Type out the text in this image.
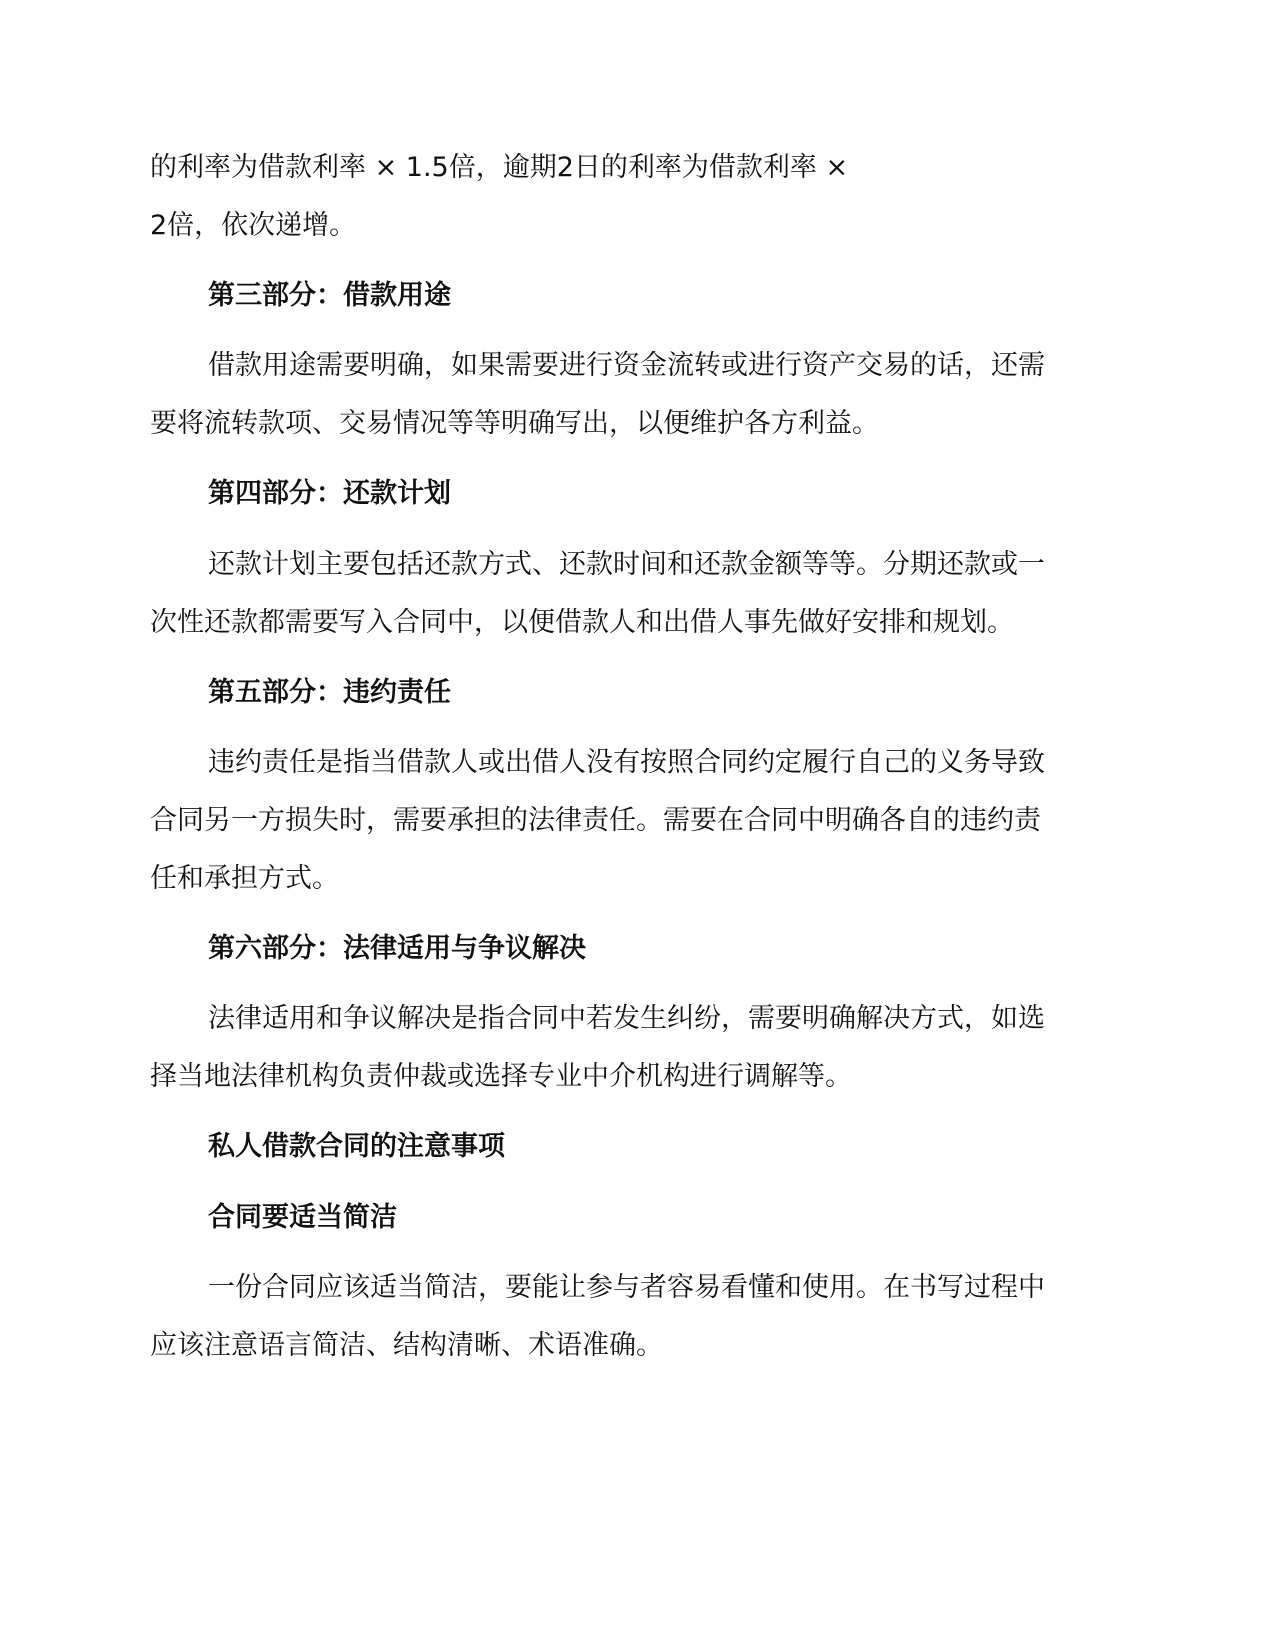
的利率为借款利率 × 1.5倍，逾期2日的利率为借款利率 ×
2倍，依次递增。
第三部分：借款用途
借款用途需要明确，如果需要进行资金流转或进行资产交易的话，还需
要将流转款项、交易情况等等明确写出，以便维护各方利益。
第四部分：还款计划
还款计划主要包括还款方式、还款时间和还款金额等等。分期还款或一
次性还款都需要写入合同中，以便借款人和出借人事先做好安排和规划。
第五部分：违约责任
违约责任是指当借款人或出借人没有按照合同约定履行自己的义务导致
合同另一方损失时，需要承担的法律责任。需要在合同中明确各自的违约责
任和承担方式。
第六部分：法律适用与争议解决
法律适用和争议解决是指合同中若发生纠纷，需要明确解决方式，如选
择当地法律机构负责仲裁或选择专业中介机构进行调解等。
私人借款合同的注意事项
合同要适当简洁
一份合同应该适当简洁，要能让参与者容易看懂和使用。在书写过程中
应该注意语言简洁、结构清晰、术语准确。
